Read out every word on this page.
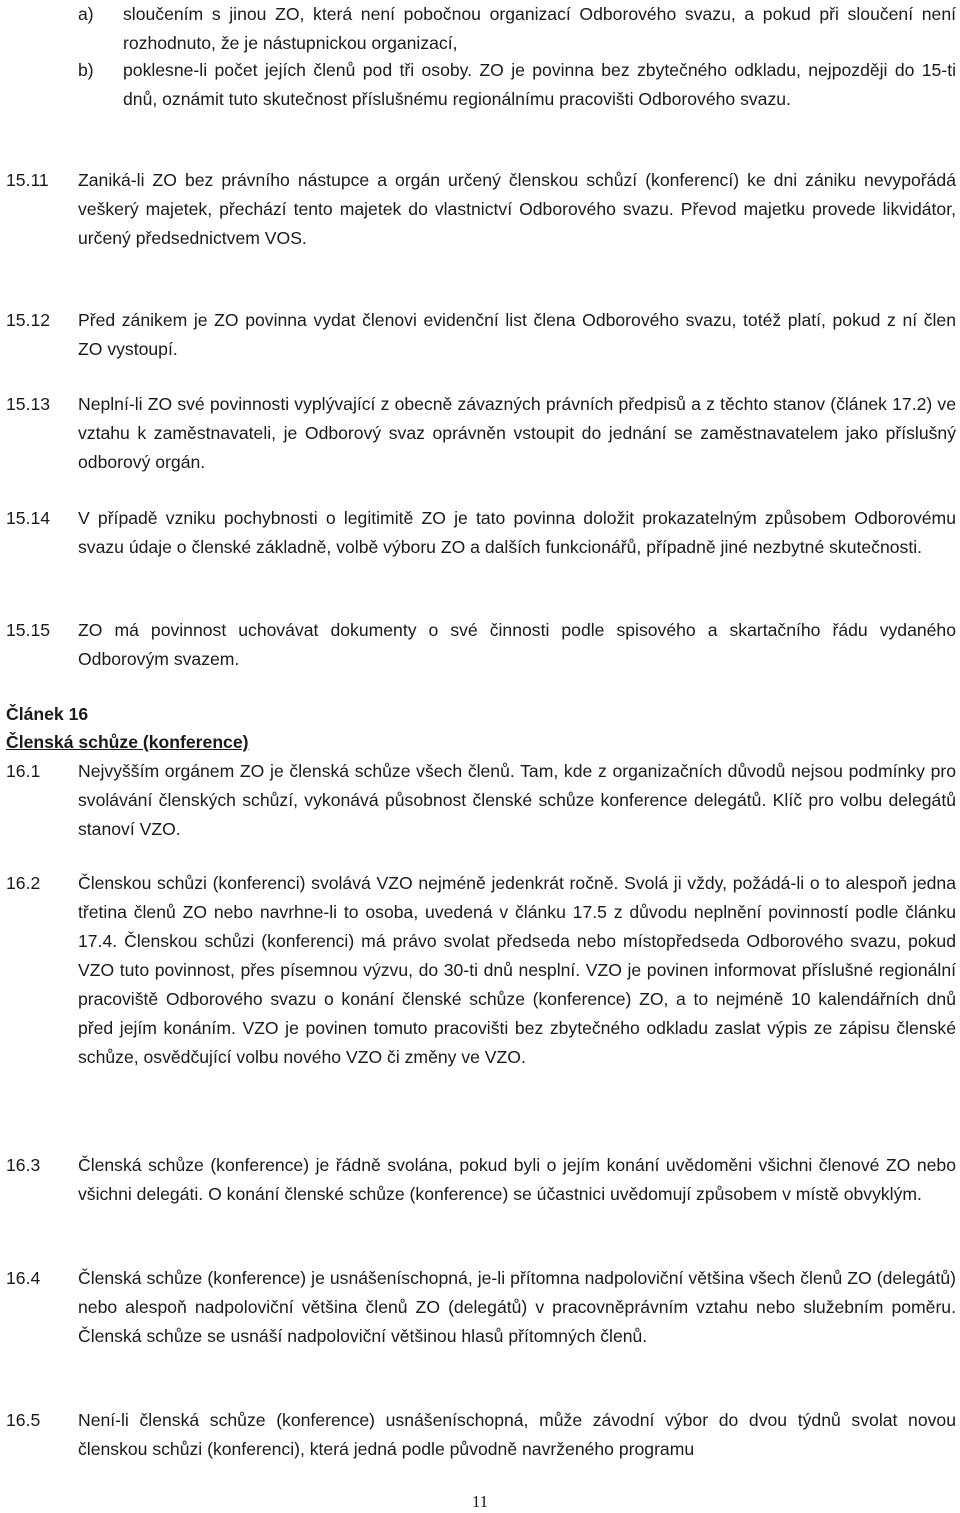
a)	sloučením s jinou ZO, která není pobočnou organizací Odborového svazu, a pokud při sloučení není rozhodnuto, že je nástupnickou organizací,
b)	poklesne-li počet jejích členů pod tři osoby. ZO je povinna bez zbytečného odkladu, nejpozději do 15-ti dnů, oznámit tuto skutečnost příslušnému regionálnímu pracovišti Odborového svazu.
15.11	Zaniká-li ZO bez právního nástupce a orgán určený členskou schůzí (konferencí) ke dni zániku nevypořádá veškerý majetek, přechází tento majetek do vlastnictví Odborového svazu. Převod majetku provede likvidátor, určený předsednictvem VOS.
15.12	Před zánikem je ZO povinna vydat členovi evidenční list člena Odborového svazu, totéž platí, pokud z ní člen ZO vystoupí.
15.13	Neplní-li ZO své povinnosti vyplývající z obecně závazných právních předpisů a z těchto stanov (článek 17.2) ve vztahu k zaměstnavateli, je Odborový svaz oprávněn vstoupit do jednání se zaměstnavatelem jako příslušný odborový orgán.
15.14	V případě vzniku pochybnosti o legitimitě ZO je tato povinna doložit prokazatelným způsobem Odborovému svazu údaje o členské základně, volbě výboru ZO a dalších funkcionářů, případně jiné nezbytné skutečnosti.
15.15	ZO má povinnost uchovávat dokumenty o své činnosti podle spisového a skartačního řádu vydaného Odborovým svazem.
Článek 16
Členská schůze (konference)
16.1	Nejvyšším orgánem ZO je členská schůze všech členů. Tam, kde z organizačních důvodů nejsou podmínky pro svolávání členských schůzí, vykonává působnost členské schůze konference delegátů. Klíč pro volbu delegátů stanoví VZO.
16.2	Členskou schůzi (konferenci) svolává VZO nejméně jedenkrát ročně. Svolá ji vždy, požádá-li o to alespoň jedna třetina členů ZO nebo navrhne-li to osoba, uvedená v článku 17.5 z důvodu neplnění povinností podle článku 17.4. Členskou schůzi (konferenci) má právo svolat předseda nebo místopředseda Odborového svazu, pokud VZO tuto povinnost, přes písemnou výzvu, do 30-ti dnů nesplní. VZO je povinen informovat příslušné regionální pracoviště Odborového svazu o konání členské schůze (konference) ZO, a to nejméně 10 kalendářních dnů před jejím konáním. VZO je povinen tomuto pracovišti bez zbytečného odkladu zaslat výpis ze zápisu členské schůze, osvědčující volbu nového VZO či změny ve VZO.
16.3	Členská schůze (konference) je řádně svolána, pokud byli o jejím konání uvědoměni všichni členové ZO nebo všichni delegáti. O konání členské schůze (konference) se účastnici uvědomují způsobem v místě obvyklým.
16.4	Členská schůze (konference) je usnášeníschopná, je-li přítomna nadpoloviční většina všech členů ZO (delegátů) nebo alespoň nadpoloviční většina členů ZO (delegátů) v pracovněprávním vztahu nebo služebním poměru. Členská schůze se usnáší nadpoloviční většinou hlasů přítomných členů.
16.5	Není-li členská schůze (konference) usnášeníschopná, může závodní výbor do dvou týdnů svolat novou členskou schůzi (konferenci), která jedná podle původně navrženého programu
11
